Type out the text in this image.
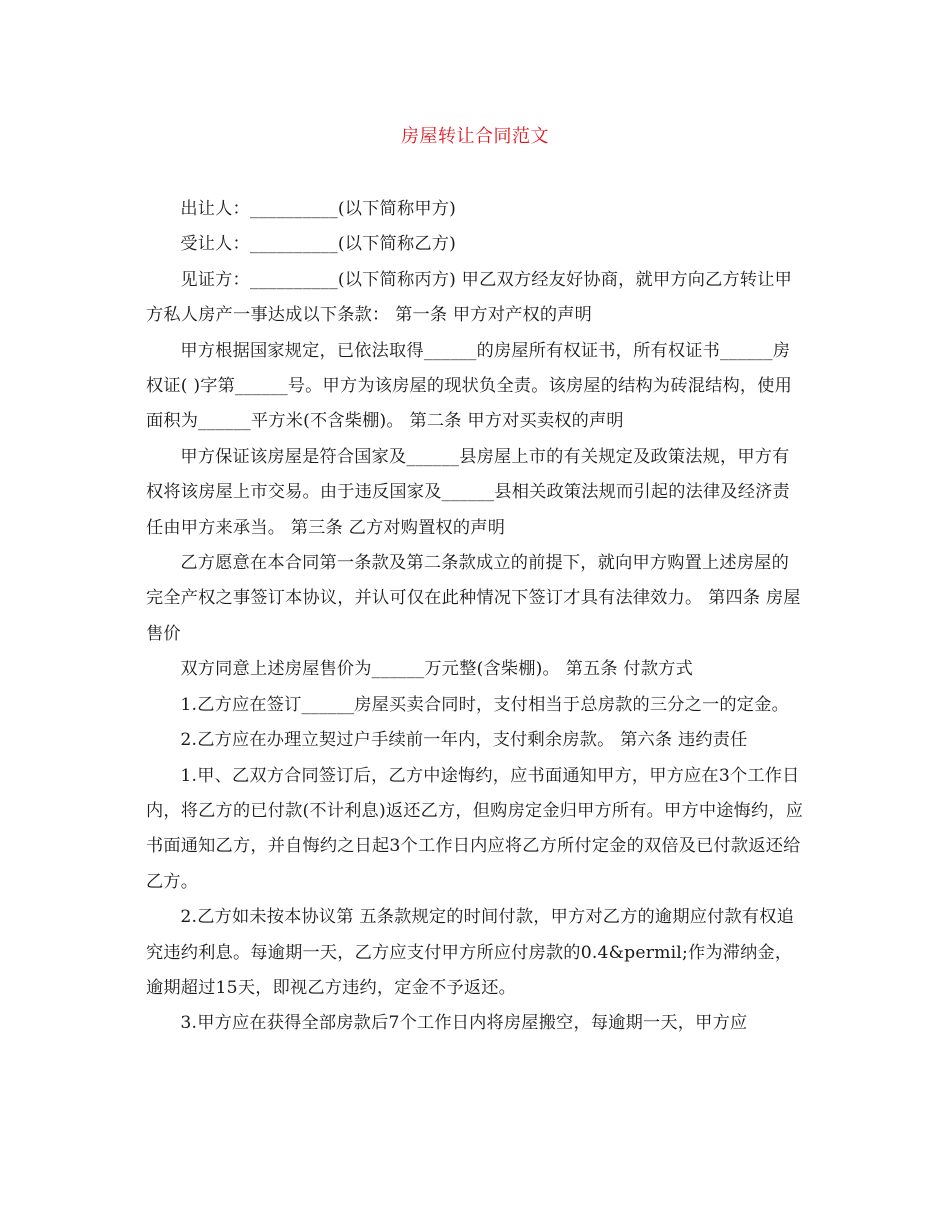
房屋转让合同范文

出让人：__________(以下简称甲方)

受让人：__________(以下简称乙方)

见证方：__________(以下简称丙方) 甲乙双方经友好协商，就甲方向乙方转让甲方私人房产一事达成以下条款： 第一条 甲方对产权的声明

甲方根据国家规定，已依法取得______的房屋所有权证书，所有权证书______房权证( )字第______号。甲方为该房屋的现状负全责。该房屋的结构为砖混结构，使用面积为______平方米(不含柴棚)。 第二条 甲方对买卖权的声明

甲方保证该房屋是符合国家及______县房屋上市的有关规定及政策法规，甲方有权将该房屋上市交易。由于违反国家及______县相关政策法规而引起的法律及经济责任由甲方来承当。 第三条 乙方对购置权的声明

乙方愿意在本合同第一条款及第二条款成立的前提下，就向甲方购置上述房屋的完全产权之事签订本协议，并认可仅在此种情况下签订才具有法律效力。 第四条 房屋售价

双方同意上述房屋售价为______万元整(含柴棚)。 第五条 付款方式

1.乙方应在签订______房屋买卖合同时，支付相当于总房款的三分之一的定金。

2.乙方应在办理立契过户手续前一年内，支付剩余房款。 第六条 违约责任

1.甲、乙双方合同签订后，乙方中途悔约，应书面通知甲方，甲方应在3个工作日内，将乙方的已付款(不计利息)返还乙方，但购房定金归甲方所有。甲方中途悔约，应书面通知乙方，并自悔约之日起3个工作日内应将乙方所付定金的双倍及已付款返还给乙方。

2.乙方如未按本协议第 五条款规定的时间付款，甲方对乙方的逾期应付款有权追究违约利息。每逾期一天，乙方应支付甲方所应付房款的0.4&permil;作为滞纳金，逾期超过15天，即视乙方违约，定金不予返还。

3.甲方应在获得全部房款后7个工作日内将房屋搬空，每逾期一天，甲方应
